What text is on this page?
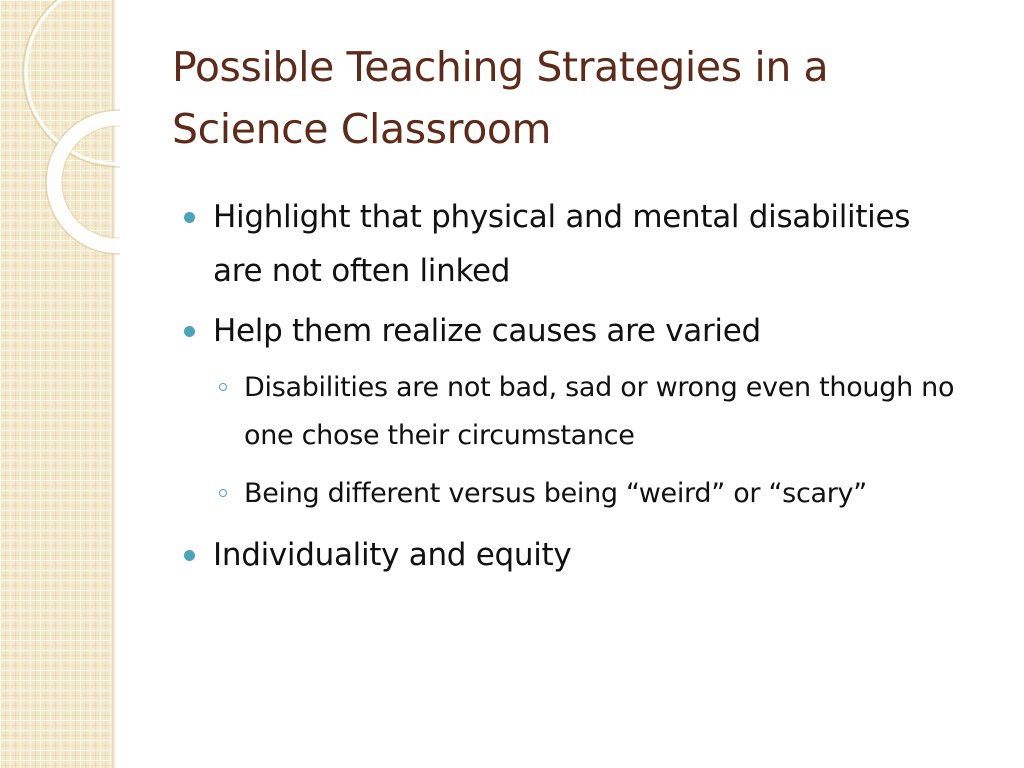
Possible Teaching Strategies in a Science Classroom
Highlight that physical and mental disabilities are not often linked
Help them realize causes are varied
Disabilities are not bad, sad or wrong even though no one chose their circumstance
Being different versus being “weird” or “scary”
Individuality and equity
